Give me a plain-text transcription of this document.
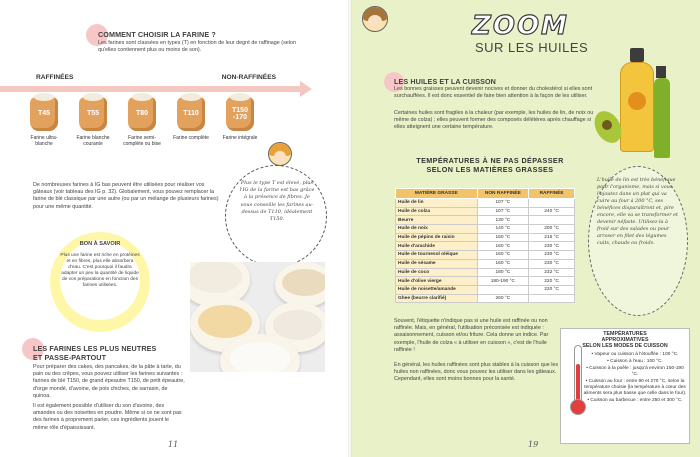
COMMENT CHOISIR LA FARINE ?
Les farines sont classées en types (T) en fonction de leur degré de raffinage (selon qu'elles contiennent plus ou moins de son).
RAFFINÉES	NON-RAFFINÉES
T45
Farine ultra-blanche
T55
Farine blanche courante
T80
Farine semi-complète ou bise
T110
Farine complète
T150 -170
Farine intégrale
Plus le type T est élevé, plus l'IG de la farine est bas grâce à la présence de fibres. Je vous conseille les farines au-dessus de T110, idéalement T150.
De nombreuses farines à IG bas peuvent être utilisées pour réaliser vos gâteaux (voir tableau des IG p. 32). Globalement, vous pouvez remplacer la farine de blé classique par une autre (ou par un mélange de plusieurs farines) pour une même quantité.
BON À SAVOIR
Plus une farine est riche en protéines et en fibres, plus elle absorbera d'eau. C'est pourquoi il faudra adapter un peu la quantité de liquide de vos préparations en fonction des farines utilisées.
LES FARINES LES PLUS NEUTRES
ET PASSE-PARTOUT
Pour préparer des cakes, des pancakes, de la pâte à tarte, du pain ou des crêpes, vous pouvez utiliser les farines suivantes : farines de blé T150, de grand épeautre T150, de petit épeautre, d'orge mondé, d'avoine, de pois chiches, de sarrasin, de quinoa.
Il est également possible d'utiliser du son d'avoine, des amandes ou des noisettes en poudre. Même si ce ne sont pas des farines à proprement parler, ces ingrédients jouent le même rôle d'épaississant.
11	19
ZOOM
SUR LES HUILES
LES HUILES ET LA CUISSON
Les bonnes graisses peuvent devenir nocives et donner du cholestérol si elles sont surchauffées. Il est donc essentiel de faire bien attention à la façon de les utiliser.
Certaines huiles sont fragiles à la chaleur (par exemple, les huiles de lin, de noix ou même de colza) ; elles peuvent former des composés délétères après chauffage si elles atteignent une certaine température.
TEMPÉRATURES À NE PAS DÉPASSER
SELON LES MATIÈRES GRASSES
MATIÈRE GRASSE	NON RAFFINÉE	RAFFINÉE
Huile de lin	107 °C	
Huile de colza	107 °C	240 °C
Beurre	130 °C	
Huile de noix	140 °C	200 °C
Huile de pépins de raisin	150 °C	216 °C
Huile d'arachide	160 °C	230 °C
Huile de tournesol oléique	160 °C	230 °C
Huile de sésame	160 °C	230 °C
Huile de coco	180 °C	232 °C
Huile d'olive vierge	180-190 °C	220 °C
Huile de noisette/amande		220 °C
Ghee (beurre clarifié)	260 °C	
L'huile de lin est très bénéfique pour l'organisme, mais si vous l'ajoutez dans un plat qui va cuire au four à 200 °C, ses bénéfices disparaîtront et, pire encore, elle va se transformer et devenir néfaste. Utilisez-la à froid sur des salades ou pour arroser en filet des légumes cuits, chauds ou froids.
Souvent, l'étiquette n'indique pas si une huile est raffinée ou non raffinée. Mais, en général, l'utilisation préconisée est indiquée : assaisonnement, cuisson et/ou friture. Cela donne un indice. Par exemple, l'huile de colza « à utiliser en cuisson », c'est de l'huile raffinée !
En général, les huiles raffinées sont plus stables à la cuisson que les huiles non raffinées, donc vous pouvez les utiliser dans les gâteaux. Cependant, elles sont moins bonnes pour la santé.
TEMPÉRATURES
APPROXIMATIVES
SELON LES MODES DE CUISSON
• Vapeur ou cuisson à l'étouffée : 100 °C.
• Cuisson à l'eau : 100 °C.
• Cuisson à la poêle : jusqu'à environ 150-190 °C.
• Cuisson au four : entre 90 et 270 °C, selon la température choisie (la température à cœur des aliments sera plus basse que celle dans le four).
• Cuisson au barbecue : entre 250 et 300 °C.
